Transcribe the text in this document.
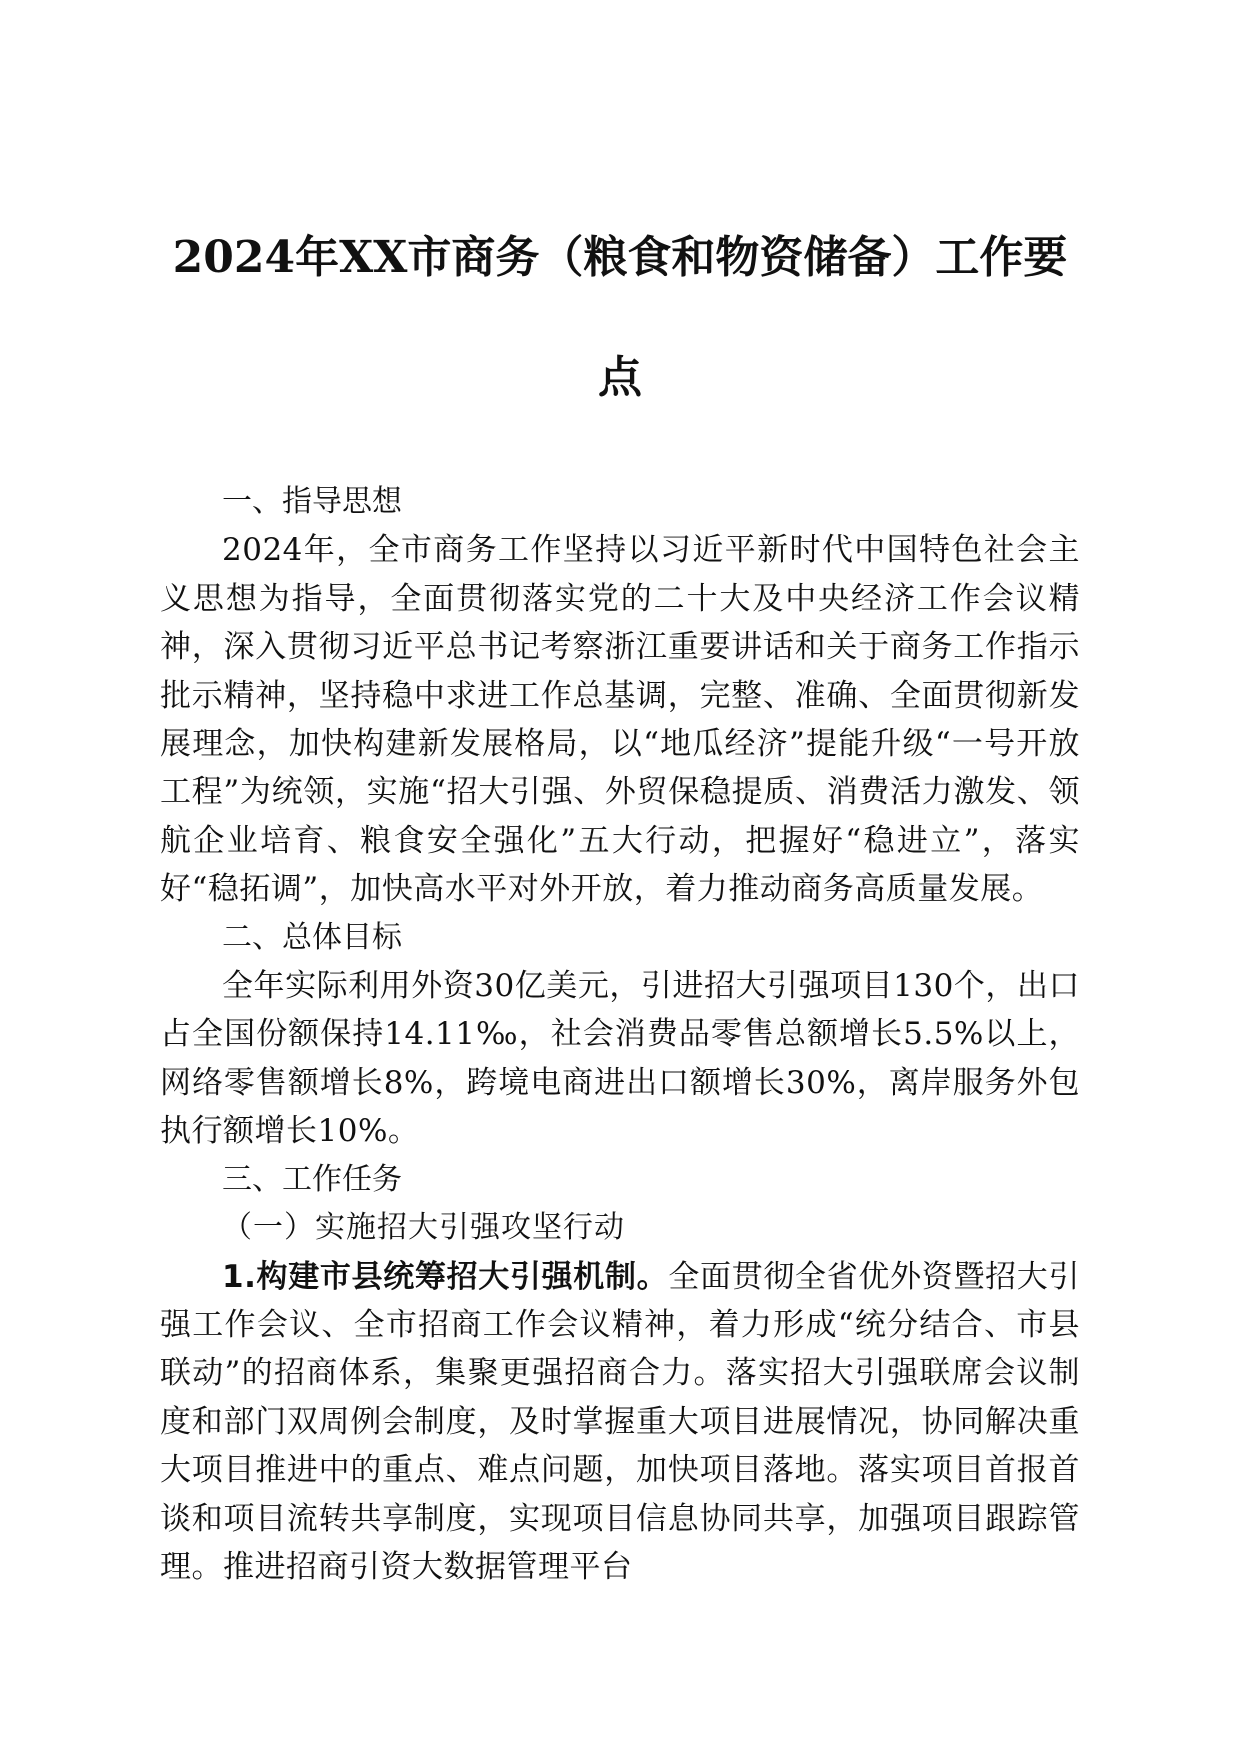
2024年XX市商务（粮食和物资储备）工作要
点

一、指导思想

2024年，全市商务工作坚持以习近平新时代中国特色社会主义思想为指导，全面贯彻落实党的二十大及中央经济工作会议精神，深入贯彻习近平总书记考察浙江重要讲话和关于商务工作指示批示精神，坚持稳中求进工作总基调，完整、准确、全面贯彻新发展理念，加快构建新发展格局，以“地瓜经济”提能升级“一号开放工程”为统领，实施“招大引强、外贸保稳提质、消费活力激发、领航企业培育、粮食安全强化”五大行动，把握好“稳进立”，落实好“稳拓调”，加快高水平对外开放，着力推动商务高质量发展。

二、总体目标

全年实际利用外资30亿美元，引进招大引强项目130个，出口占全国份额保持14.11‰，社会消费品零售总额增长5.5%以上，网络零售额增长8%，跨境电商进出口额增长30%，离岸服务外包执行额增长10%。

三、工作任务

（一）实施招大引强攻坚行动

1.构建市县统筹招大引强机制。全面贯彻全省优外资暨招大引强工作会议、全市招商工作会议精神，着力形成“统分结合、市县联动”的招商体系，集聚更强招商合力。落实招大引强联席会议制度和部门双周例会制度，及时掌握重大项目进展情况，协同解决重大项目推进中的重点、难点问题，加快项目落地。落实项目首报首谈和项目流转共享制度，实现项目信息协同共享，加强项目跟踪管理。推进招商引资大数据管理平台
